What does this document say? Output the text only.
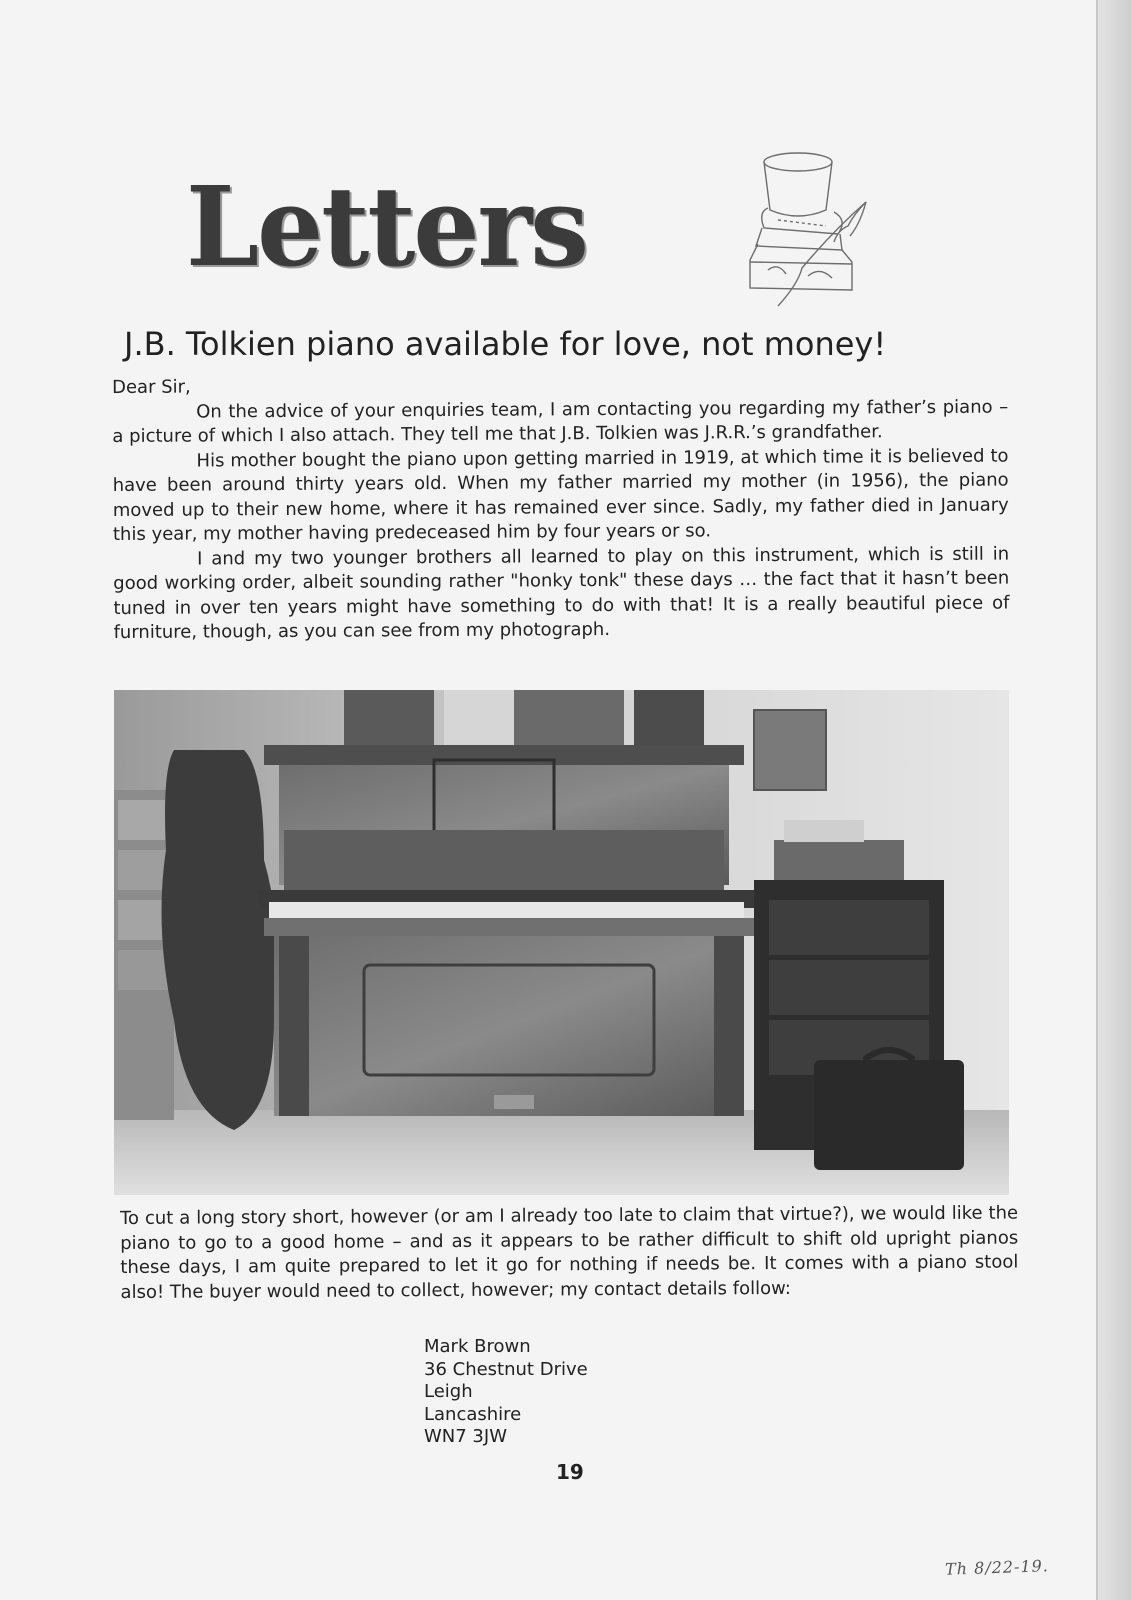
Letters
J.B. Tolkien piano available for love, not money!

Dear Sir,

On the advice of your enquiries team, I am contacting you regarding my father’s piano – a picture of which I also attach. They tell me that J.B. Tolkien was J.R.R.’s grandfather.

His mother bought the piano upon getting married in 1919, at which time it is believed to have been around thirty years old. When my father married my mother (in 1956), the piano moved up to their new home, where it has remained ever since. Sadly, my father died in January this year, my mother having predeceased him by four years or so.

I and my two younger brothers all learned to play on this instrument, which is still in good working order, albeit sounding rather "honky tonk" these days … the fact that it hasn’t been tuned in over ten years might have something to do with that! It is a really beautiful piece of furniture, though, as you can see from my photograph.

To cut a long story short, however (or am I already too late to claim that virtue?), we would like the piano to go to a good home – and as it appears to be rather difficult to shift old upright pianos these days, I am quite prepared to let it go for nothing if needs be. It comes with a piano stool also! The buyer would need to collect, however; my contact details follow:

Mark Brown
36 Chestnut Drive
Leigh
Lancashire
WN7 3JW
19
Th 8/22-19.
